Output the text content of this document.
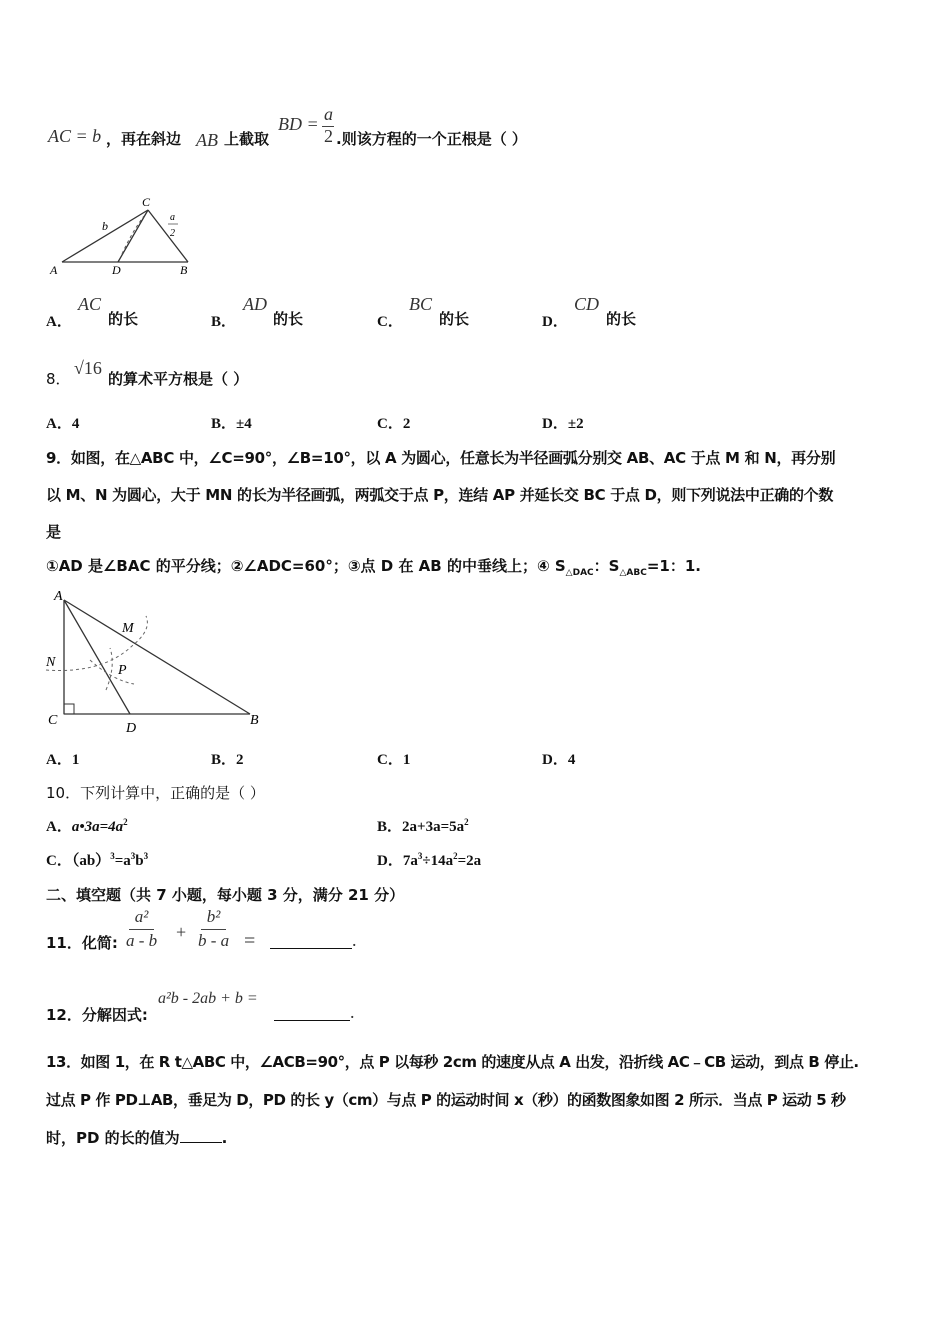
AC = b ，再在斜边 AB 上截取
BD = a
2 .则该方程的一个正根是（ ）
A	D	B
C
b
a
2
A．
AC
的长	B．
AD
的长	C．
BC
的长	D．
CD
的长
8．
√16
的算术平方根是（ ）
A．4	B．±4	C．2	D．±2
9．如图，在△ABC 中，∠C=90°，∠B=10°，以 A 为圆心，任意长为半径画弧分别交 AB、AC 于点 M 和 N，再分别
以 M、N 为圆心，大于 MN 的长为半径画弧，两弧交于点 P，连结 AP 并延长交 BC 于点 D，则下列说法中正确的个数
是
①AD 是∠BAC 的平分线；②∠ADC=60°；③点 D 在 AB 的中垂线上；④ $S_{\triangle DAC}$：$S_{\triangle ABC}=1$：1.
A
N
M
P
C
D
B
A．1	B．2	C．1	D．4
10．下列计算中，正确的是（ ）
A．$a•3a=4a^2$	B．$2a+3a=5a^2$
C．$(ab)^3=a^3b^3$	D．$7a^3\div 14a^2=2a$
二、填空题（共 7 小题，每小题 3 分，满分 21 分）
11．化简: $\frac{\text{a²}}{a - b} + \frac{\text{b²}}{b - a}$ =	.
12．分解因式:
a²b - 2ab + b =
.
13．如图 1，在 R t△ABC 中，∠ACB=90°，点 P 以每秒 2cm 的速度从点 A 出发，沿折线 AC﹣CB 运动，到点 B 停止.
过点 P 作 PD⊥AB，垂足为 D，PD 的长 y（cm）与点 P 的运动时间 x（秒）的函数图象如图 2 所示．当点 P 运动 5 秒
时，PD 的长的值为	.
